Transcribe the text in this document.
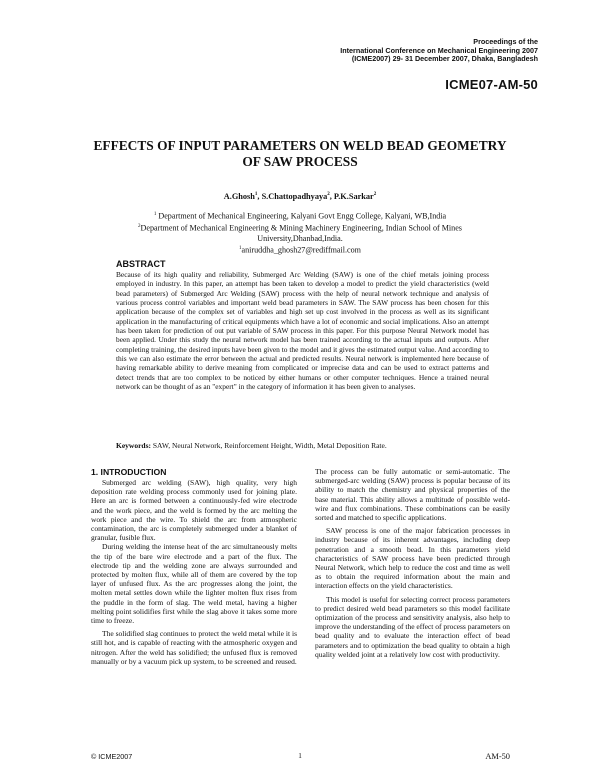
Proceedings of the
International Conference on Mechanical Engineering 2007
(ICME2007) 29- 31 December 2007, Dhaka, Bangladesh
ICME07-AM-50
EFFECTS OF INPUT PARAMETERS ON WELD BEAD GEOMETRY
OF SAW PROCESS
A.Ghosh$^1$, S.Chattopadhyaya$^2$, P.K.Sarkar$^2$
$^1$ Department of Mechanical Engineering, Kalyani Govt Engg College, Kalyani, WB,India
$^2$Department of Mechanical Engineering & Mining Machinery Engineering, Indian School of Mines
University,Dhanbad,India.
$^1$aniruddha_ghosh27@rediffmail.com
ABSTRACT
Because of its high quality and reliability, Submerged Arc Welding (SAW) is one of the chief metals joining process employed in industry. In this paper, an attempt has been taken to develop a model to predict the yield characteristics (weld bead parameters) of Submerged Arc Welding (SAW) process with the help of neural network technique and analysis of various process control variables and important weld bead parameters in SAW. The SAW process has been chosen for this application because of the complex set of variables and high set up cost involved in the process as well as its significant application in the manufacturing of critical equipments which have a lot of economic and social implications. Also an attempt has been taken for prediction of out put variable of SAW process in this paper. For this purpose Neural Network model has been applied. Under this study the neural network model has been trained according to the actual inputs and outputs. After completing training, the desired inputs have been given to the model and it gives the estimated output value. And according to this we can also estimate the error between the actual and predicted results. Neural network is implemented here because of having remarkable ability to derive meaning from complicated or imprecise data and can be used to extract patterns and detect trends that are too complex to be noticed by either humans or other computer techniques. Hence a trained neural network can be thought of as an "expert" in the category of information it has been given to analyses.
Keywords: SAW, Neural Network, Reinforcement Height, Width, Metal Deposition Rate.
1. INTRODUCTION

Submerged arc welding (SAW), high quality, very high deposition rate welding process commonly used for joining plate. Here an arc is formed between a continuously-fed wire electrode and the work piece, and the weld is formed by the arc melting the work piece and the wire. To shield the arc from atmospheric contamination, the arc is completely submerged under a blanket of granular, fusible flux.

During welding the intense heat of the arc simultaneously melts the tip of the bare wire electrode and a part of the flux. The electrode tip and the welding zone are always surrounded and protected by molten flux, while all of them are covered by the top layer of unfused flux. As the arc progresses along the joint, the molten metal settles down while the lighter molten flux rises from the puddle in the form of slag. The weld metal, having a higher melting point solidifies first while the slag above it takes some more time to freeze.

The solidified slag continues to protect the weld metal while it is still hot, and is capable of reacting with the atmospheric oxygen and nitrogen. After the weld has solidified; the unfused flux is removed manually or by a vacuum pick up system, to be screened and reused.

The process can be fully automatic or semi-automatic. The submerged-arc welding (SAW) process is popular because of its ability to match the chemistry and physical properties of the base material. This ability allows a multitude of possible weld-wire and flux combinations. These combinations can be easily sorted and matched to specific applications.

SAW process is one of the major fabrication processes in industry because of its inherent advantages, including deep penetration and a smooth bead. In this parameters yield characteristics of SAW process have been predicted through Neural Network, which help to reduce the cost and time as well as to obtain the required information about the main and interaction effects on the yield characteristics.

This model is useful for selecting correct process parameters to predict desired weld bead parameters so this model facilitate optimization of the process and sensitivity analysis, also help to improve the understanding of the effect of process parameters on bead quality and to evaluate the interaction effect of bead parameters and to optimization the bead quality to obtain a high quality welded joint at a relatively low cost with productivity.

© ICME2007	1	AM-50
